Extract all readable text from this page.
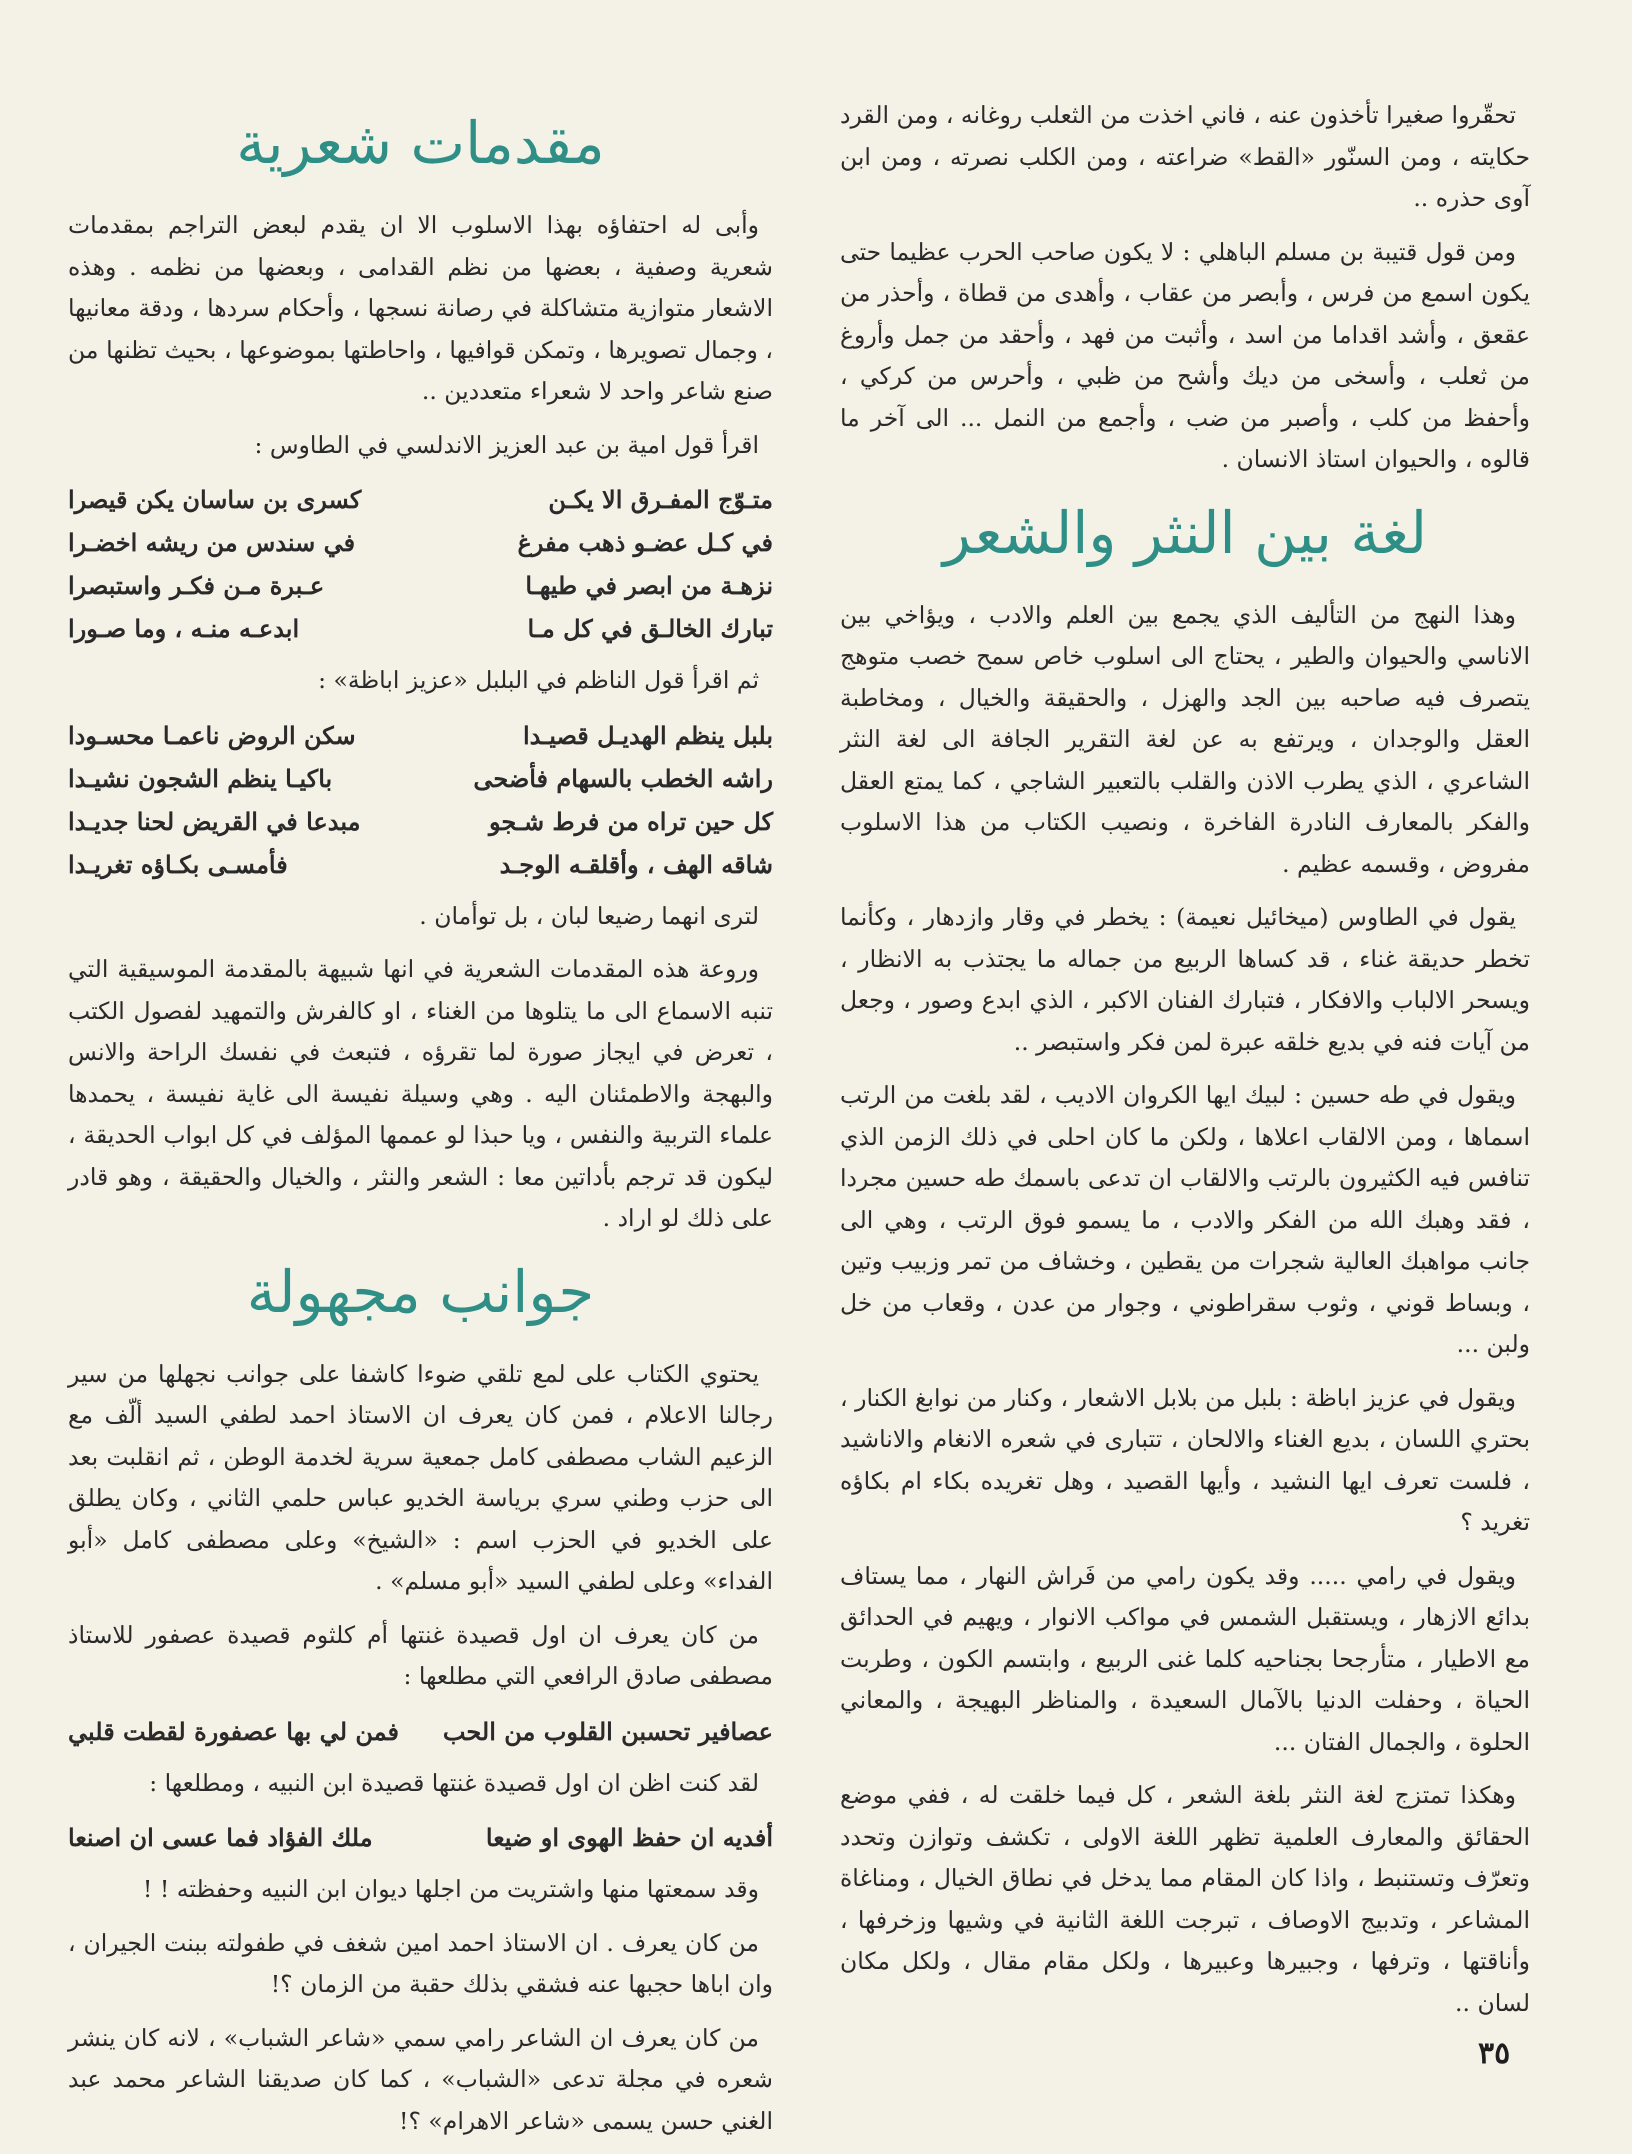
تحقّروا صغيرا تأخذون عنه ، فاني اخذت من الثعلب روغانه ، ومن القرد حكايته ، ومن السنّور «القط» ضراعته ، ومن الكلب نصرته ، ومن ابن آوى حذره ..

ومن قول قتيبة بن مسلم الباهلي : لا يكون صاحب الحرب عظيما حتى يكون اسمع من فرس ، وأبصر من عقاب ، وأهدى من قطاة ، وأحذر من عقعق ، وأشد اقداما من اسد ، وأثبت من فهد ، وأحقد من جمل وأروغ من ثعلب ، وأسخى من ديك وأشح من ظبي ، وأحرس من كركي ، وأحفظ من كلب ، وأصبر من ضب ، وأجمع من النمل ... الى آخر ما قالوه ، والحيوان استاذ الانسان .

لغة بين النثر والشعر

وهذا النهج من التأليف الذي يجمع بين العلم والادب ، ويؤاخي بين الاناسي والحيوان والطير ، يحتاج الى اسلوب خاص سمح خصب متوهج يتصرف فيه صاحبه بين الجد والهزل ، والحقيقة والخيال ، ومخاطبة العقل والوجدان ، ويرتفع به عن لغة التقرير الجافة الى لغة النثر الشاعري ، الذي يطرب الاذن والقلب بالتعبير الشاجي ، كما يمتع العقل والفكر بالمعارف النادرة الفاخرة ، ونصيب الكتاب من هذا الاسلوب مفروض ، وقسمه عظيم .

يقول في الطاوس (ميخائيل نعيمة) : يخطر في وقار وازدهار ، وكأنما تخطر حديقة غناء ، قد كساها الربيع من جماله ما يجتذب به الانظار ، ويسحر الالباب والافكار ، فتبارك الفنان الاكبر ، الذي ابدع وصور ، وجعل من آيات فنه في بديع خلقه عبرة لمن فكر واستبصر ..

ويقول في طه حسين : لبيك ايها الكروان الاديب ، لقد بلغت من الرتب اسماها ، ومن الالقاب اعلاها ، ولكن ما كان احلى في ذلك الزمن الذي تنافس فيه الكثيرون بالرتب والالقاب ان تدعى باسمك طه حسين مجردا ، فقد وهبك الله من الفكر والادب ، ما يسمو فوق الرتب ، وهي الى جانب مواهبك العالية شجرات من يقطين ، وخشاف من تمر وزبيب وتين ، وبساط قوني ، وثوب سقراطوني ، وجوار من عدن ، وقعاب من خل ولبن ...

ويقول في عزيز اباظة : بلبل من بلابل الاشعار ، وكنار من نوابغ الكنار ، بحتري اللسان ، بديع الغناء والالحان ، تتبارى في شعره الانغام والاناشيد ، فلست تعرف ايها النشيد ، وأيها القصيد ، وهل تغريده بكاء ام بكاؤه تغريد ؟

ويقول في رامي ..... وقد يكون رامي من فَراش النهار ، مما يستاف بدائع الازهار ، ويستقبل الشمس في مواكب الانوار ، ويهيم في الحدائق مع الاطيار ، متأرجحا بجناحيه كلما غنى الربيع ، وابتسم الكون ، وطربت الحياة ، وحفلت الدنيا بالآمال السعيدة ، والمناظر البهيجة ، والمعاني الحلوة ، والجمال الفتان ...

وهكذا تمتزج لغة النثر بلغة الشعر ، كل فيما خلقت له ، ففي موضع الحقائق والمعارف العلمية تظهر اللغة الاولى ، تكشف وتوازن وتحدد وتعرّف وتستنبط ، واذا كان المقام مما يدخل في نطاق الخيال ، ومناغاة المشاعر ، وتدبيج الاوصاف ، تبرجت اللغة الثانية في وشيها وزخرفها ، وأناقتها ، وترفها ، وجبيرها وعبيرها ، ولكل مقام مقال ، ولكل مكان لسان ..

مقدمات شعرية

وأبى له احتفاؤه بهذا الاسلوب الا ان يقدم لبعض التراجم بمقدمات شعرية وصفية ، بعضها من نظم القدامى ، وبعضها من نظمه . وهذه الاشعار متوازية متشاكلة في رصانة نسجها ، وأحكام سردها ، ودقة معانيها ، وجمال تصويرها ، وتمكن قوافيها ، واحاطتها بموضوعها ، بحيث تظنها من صنع شاعر واحد لا شعراء متعددين ..

اقرأ قول امية بن عبد العزيز الاندلسي في الطاوس :

متـوّج المفـرق الا يكـن
كسرى بن ساسان يكن قيصرا
في كـل عضـو ذهب مفرغ
في سندس من ريشه اخضـرا
نزهـة من ابصر في طيهـا
عـبرة مـن فكـر واستبصرا
تبارك الخالـق في كل مـا
ابدعـه منـه ، وما صـورا

ثم اقرأ قول الناظم في البلبل «عزيز اباظة» :

بلبل ينظم الهديـل قصيـدا
سكن الروض ناعمـا محسـودا
راشه الخطب بالسهام فأضحى
باكيـا ينظم الشجون نشيـدا
كل حين تراه من فرط شـجو
مبدعا في القريض لحنا جديـدا
شاقه الهف ، وأقلقـه الوجـد
فأمسـى بكـاؤه تغريـدا

لترى انهما رضيعا لبان ، بل توأمان .

وروعة هذه المقدمات الشعرية في انها شبيهة بالمقدمة الموسيقية التي تنبه الاسماع الى ما يتلوها من الغناء ، او كالفرش والتمهيد لفصول الكتب ، تعرض في ايجاز صورة لما تقرؤه ، فتبعث في نفسك الراحة والانس والبهجة والاطمئنان اليه . وهي وسيلة نفيسة الى غاية نفيسة ، يحمدها علماء التربية والنفس ، ويا حبذا لو عممها المؤلف في كل ابواب الحديقة ، ليكون قد ترجم بأداتين معا : الشعر والنثر ، والخيال والحقيقة ، وهو قادر على ذلك لو اراد .

جوانب مجهولة

يحتوي الكتاب على لمع تلقي ضوءا كاشفا على جوانب نجهلها من سير رجالنا الاعلام ، فمن كان يعرف ان الاستاذ احمد لطفي السيد ألّف مع الزعيم الشاب مصطفى كامل جمعية سرية لخدمة الوطن ، ثم انقلبت بعد الى حزب وطني سري برياسة الخديو عباس حلمي الثاني ، وكان يطلق على الخديو في الحزب اسم : «الشيخ» وعلى مصطفى كامل «أبو الفداء» وعلى لطفي السيد «أبو مسلم» .

من كان يعرف ان اول قصيدة غنتها أم كلثوم قصيدة عصفور للاستاذ مصطفى صادق الرافعي التي مطلعها :

عصافير تحسبن القلوب من الحب
فمن لي بها عصفورة لقطت قلبي

لقد كنت اظن ان اول قصيدة غنتها قصيدة ابن النبيه ، ومطلعها :

أفديه ان حفظ الهوى او ضيعا
ملك الفؤاد فما عسى ان اصنعا

وقد سمعتها منها واشتريت من اجلها ديوان ابن النبيه وحفظته ! !

من كان يعرف . ان الاستاذ احمد امين شغف في طفولته ببنت الجيران ، وان اباها حجبها عنه فشقي بذلك حقبة من الزمان ؟!

من كان يعرف ان الشاعر رامي سمي «شاعر الشباب» ، لانه كان ينشر شعره في مجلة تدعى «الشباب» ، كما كان صديقنا الشاعر محمد عبد الغني حسن يسمى «شاعر الاهرام» ؟!

٣٥
